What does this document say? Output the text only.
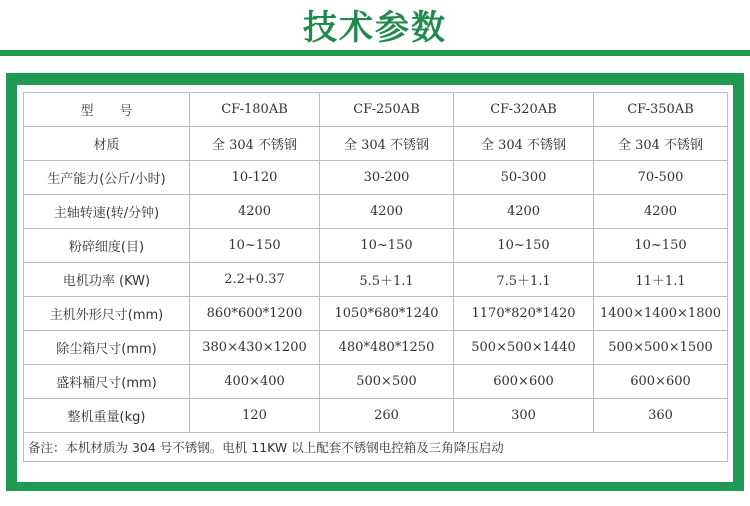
技术参数
型　　号	CF-180AB	CF-250AB	CF-320AB	CF-350AB
材质	全 304 不锈钢	全 304 不锈钢	全 304 不锈钢	全 304 不锈钢
生产能力(公斤/小时)	10-120	30-200	50-300	70-500
主轴转速(转/分钟)	4200	4200	4200	4200
粉碎细度(目)	10~150	10~150	10~150	10~150
电机功率 (KW)	2.2+0.37	5.5＋1.1	7.5＋1.1	11＋1.1
主机外形尺寸(mm)	860*600*1200	1050*680*1240	1170*820*1420	1400×1400×1800
除尘箱尺寸(mm)	380×430×1200	480*480*1250	500×500×1440	500×500×1500
盛料桶尺寸(mm)	400×400	500×500	600×600	600×600
整机重量(kg)	120	260	300	360
备注：本机材质为 304 号不锈钢。电机 11KW 以上配套不锈钢电控箱及三角降压启动				
